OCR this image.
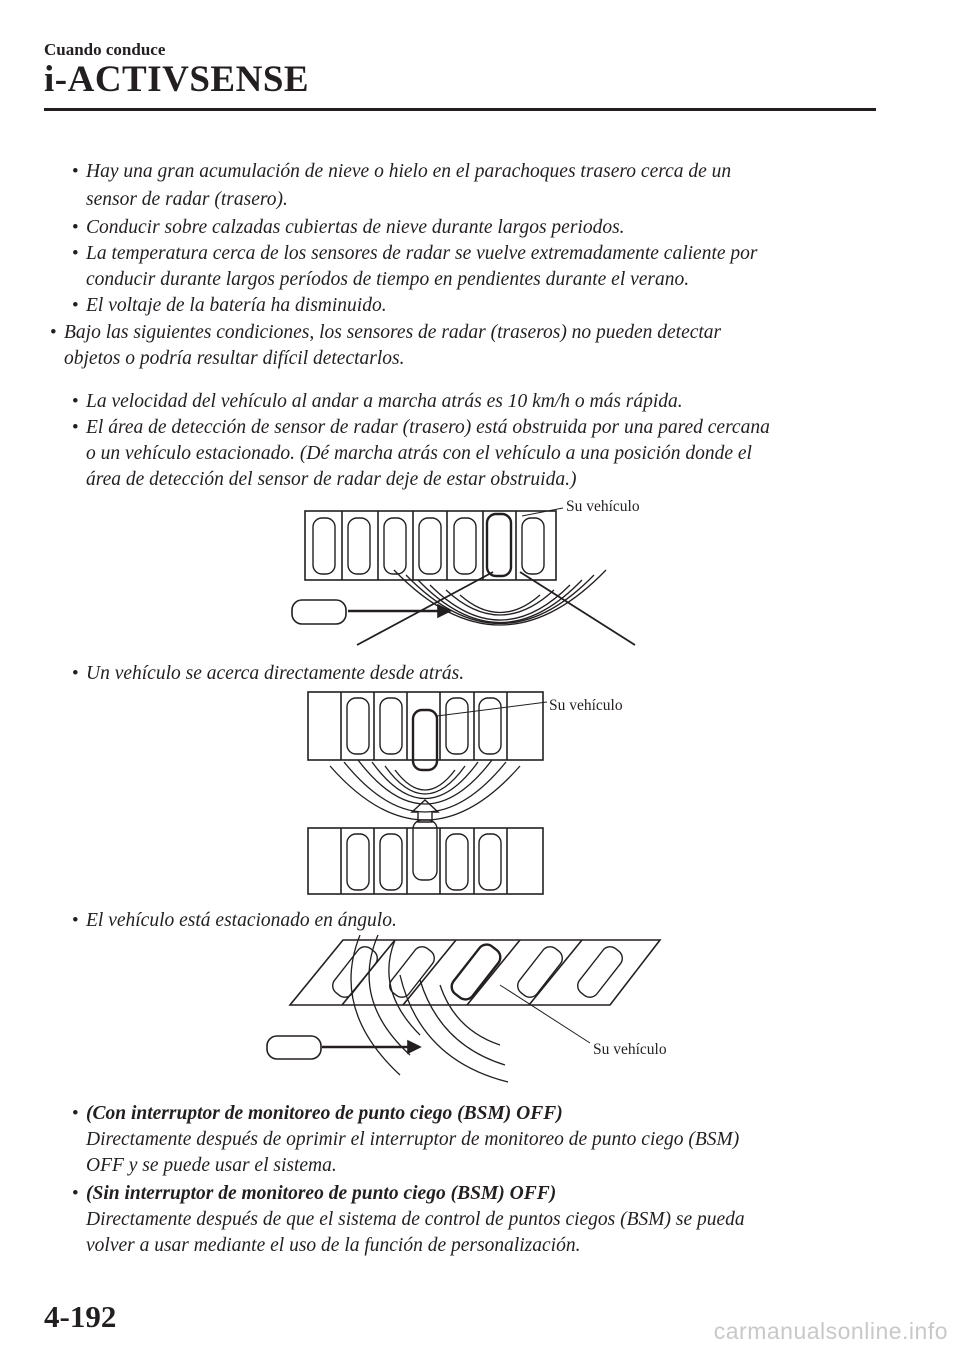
Cuando conduce
i-ACTIVSENSE
• Hay una gran acumulación de nieve o hielo en el parachoques trasero cerca de un
sensor de radar (trasero).
• Conducir sobre calzadas cubiertas de nieve durante largos periodos.
• La temperatura cerca de los sensores de radar se vuelve extremadamente caliente por
conducir durante largos períodos de tiempo en pendientes durante el verano.
• El voltaje de la batería ha disminuido.
• Bajo las siguientes condiciones, los sensores de radar (traseros) no pueden detectar
objetos o podría resultar difícil detectarlos.
• La velocidad del vehículo al andar a marcha atrás es 10 km/h o más rápida.
• El área de detección de sensor de radar (trasero) está obstruida por una pared cercana
o un vehículo estacionado. (Dé marcha atrás con el vehículo a una posición donde el
área de detección del sensor de radar deje de estar obstruida.)
Su vehículo
• Un vehículo se acerca directamente desde atrás.
Su vehículo
• El vehículo está estacionado en ángulo.
Su vehículo
• (Con interruptor de monitoreo de punto ciego (BSM) OFF)
Directamente después de oprimir el interruptor de monitoreo de punto ciego (BSM)
OFF y se puede usar el sistema.
• (Sin interruptor de monitoreo de punto ciego (BSM) OFF)
Directamente después de que el sistema de control de puntos ciegos (BSM) se pueda
volver a usar mediante el uso de la función de personalización.
4-192	carmanualsonline.info
